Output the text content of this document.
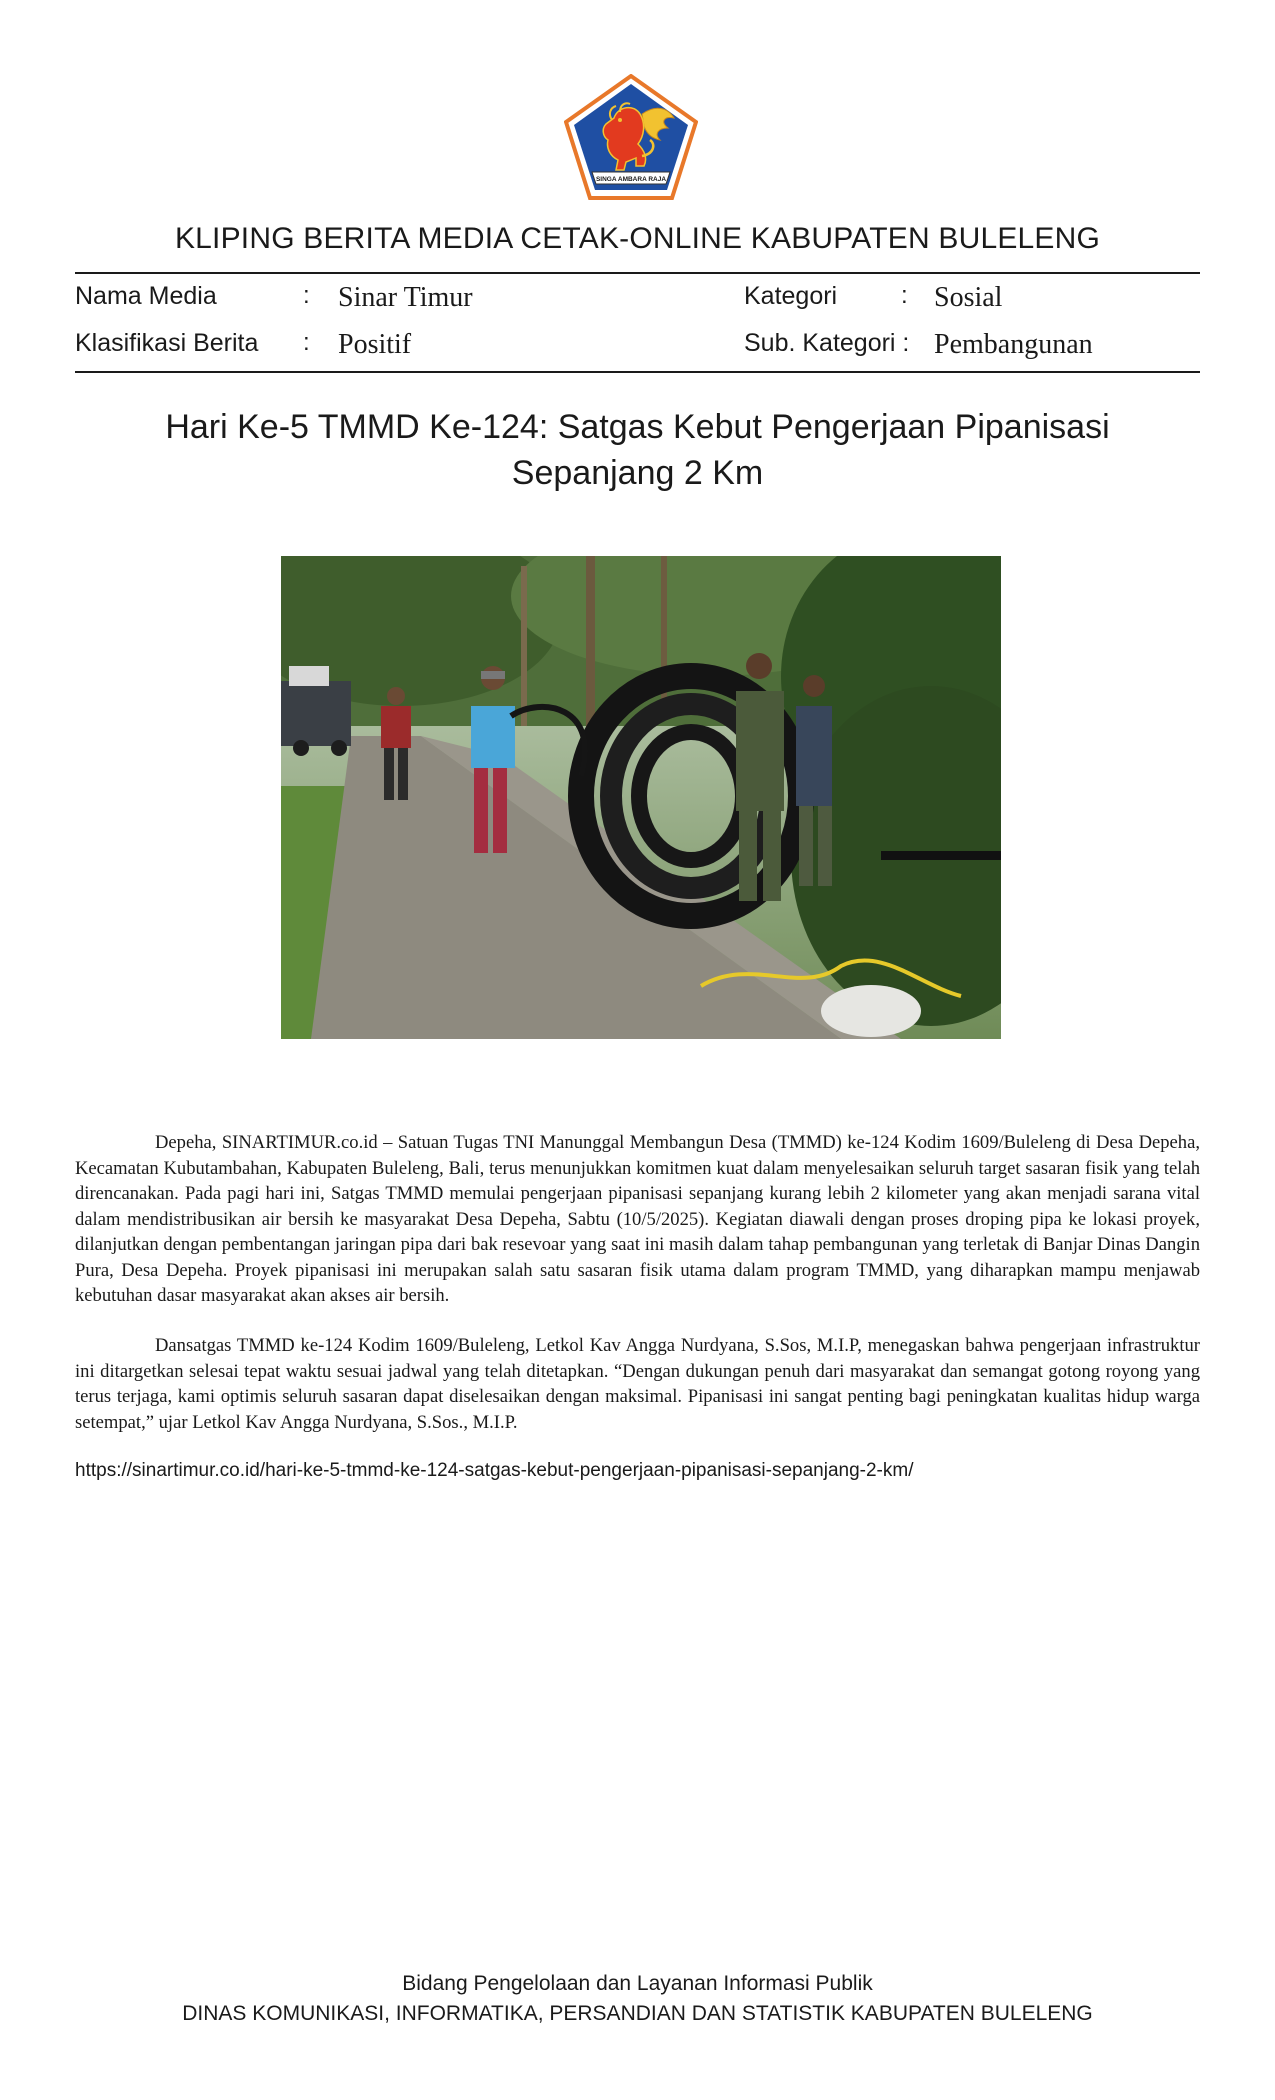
SINGA AMBARA RAJA
KLIPING BERITA MEDIA CETAK-ONLINE KABUPATEN BULELENG
Nama Media	: Sinar Timur
Klasifikasi Berita : Positif
Kategori	: Sosial
Sub. Kategori : Pembangunan
Hari Ke-5 TMMD Ke-124: Satgas Kebut Pengerjaan Pipanisasi
Sepanjang 2 Km

Depeha, SINARTIMUR.co.id – Satuan Tugas TNI Manunggal Membangun Desa (TMMD) ke-124 Kodim 1609/Buleleng di Desa Depeha, Kecamatan Kubutambahan, Kabupaten Buleleng, Bali, terus menunjukkan komitmen kuat dalam menyelesaikan seluruh target sasaran fisik yang telah direncanakan. Pada pagi hari ini, Satgas TMMD memulai pengerjaan pipanisasi sepanjang kurang lebih 2 kilometer yang akan menjadi sarana vital dalam mendistribusikan air bersih ke masyarakat Desa Depeha, Sabtu (10/5/2025). Kegiatan diawali dengan proses droping pipa ke lokasi proyek, dilanjutkan dengan pembentangan jaringan pipa dari bak resevoar yang saat ini masih dalam tahap pembangunan yang terletak di Banjar Dinas Dangin Pura, Desa Depeha. Proyek pipanisasi ini merupakan salah satu sasaran fisik utama dalam program TMMD, yang diharapkan mampu menjawab kebutuhan dasar masyarakat akan akses air bersih.

Dansatgas TMMD ke-124 Kodim 1609/Buleleng, Letkol Kav Angga Nurdyana, S.Sos, M.I.P, menegaskan bahwa pengerjaan infrastruktur ini ditargetkan selesai tepat waktu sesuai jadwal yang telah ditetapkan. “Dengan dukungan penuh dari masyarakat dan semangat gotong royong yang terus terjaga, kami optimis seluruh sasaran dapat diselesaikan dengan maksimal. Pipanisasi ini sangat penting bagi peningkatan kualitas hidup warga setempat,” ujar Letkol Kav Angga Nurdyana, S.Sos., M.I.P.

https://sinartimur.co.id/hari-ke-5-tmmd-ke-124-satgas-kebut-pengerjaan-pipanisasi-sepanjang-2-km/
Bidang Pengelolaan dan Layanan Informasi Publik
DINAS KOMUNIKASI, INFORMATIKA, PERSANDIAN DAN STATISTIK KABUPATEN BULELENG
